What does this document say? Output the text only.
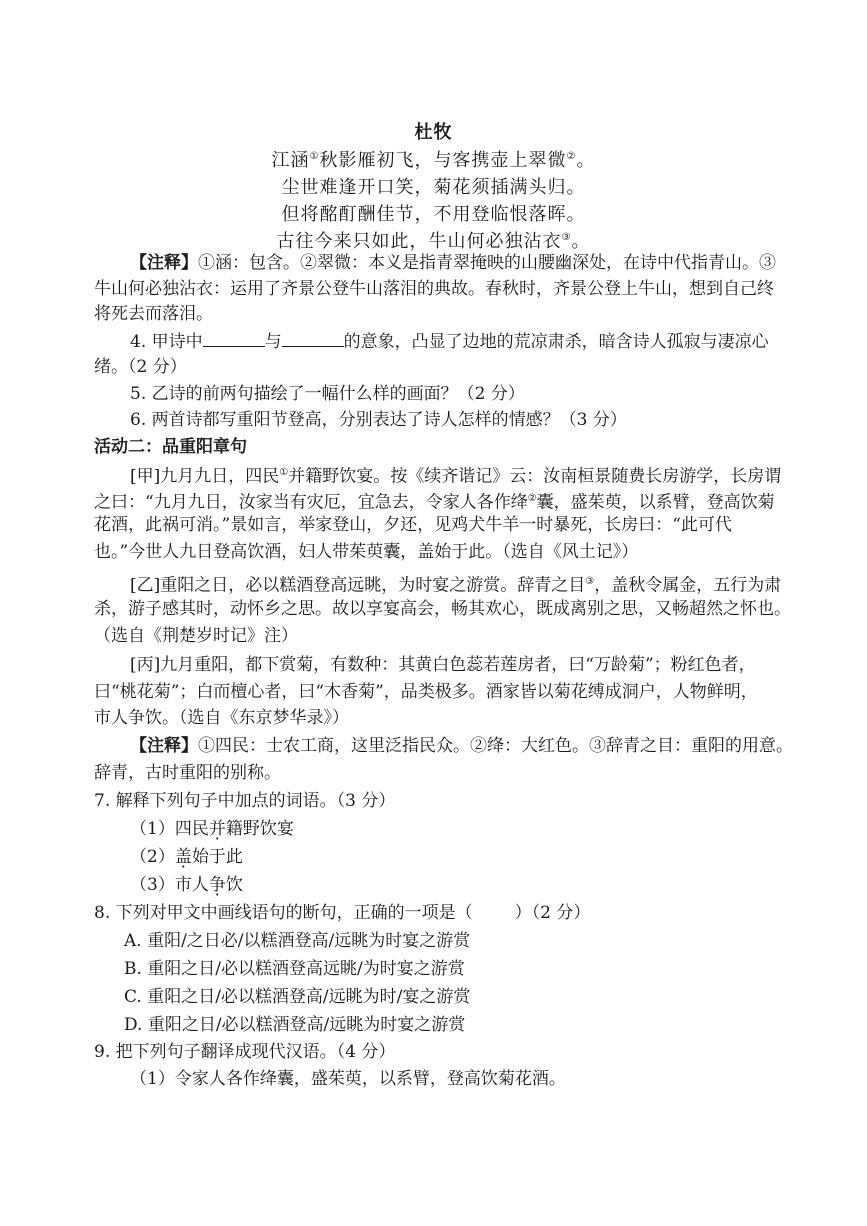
杜牧
江涵①秋影雁初飞，与客携壶上翠微②。
尘世难逢开口笑，菊花须插满头归。
但将酩酊酬佳节，不用登临恨落晖。
古往今来只如此，牛山何必独沾衣③。
【注释】①涵：包含。②翠微：本义是指青翠掩映的山腰幽深处，在诗中代指青山。③
牛山何必独沾衣：运用了齐景公登牛山落泪的典故。春秋时，齐景公登上牛山，想到自己终
将死去而落泪。
4. 甲诗中	与	的意象，凸显了边地的荒凉肃杀，暗含诗人孤寂与凄凉心
绪。（2 分）
5. 乙诗的前两句描绘了一幅什么样的画面？（2 分）
6. 两首诗都写重阳节登高，分别表达了诗人怎样的情感？（3 分）
活动二：品重阳章句
[甲]九月九日，四民①并籍野饮宴。按《续齐谐记》云：汝南桓景随费长房游学，长房谓
之曰：“九月九日，汝家当有灾厄，宜急去，令家人各作绛②囊，盛茱萸，以系臂，登高饮菊
花酒，此祸可消。”景如言，举家登山，夕还，见鸡犬牛羊一时暴死，长房曰：“此可代
也。”今世人九日登高饮酒，妇人带茱萸囊，盖始于此。（选自《风土记》）
[乙]重阳之日，必以糕酒登高远眺，为时宴之游赏。辞青之目③，盖秋令属金，五行为肃
杀，游子感其时，动怀乡之思。故以享宴高会，畅其欢心，既成离别之思，又畅超然之怀也。
（选自《荆楚岁时记》注）
[丙]九月重阳，都下赏菊，有数种：其黄白色蕊若莲房者，曰“万龄菊”；粉红色者，
曰“桃花菊”；白而檀心者，曰“木香菊”，品类极多。酒家皆以菊花缚成洞户，人物鲜明，
市人争饮。（选自《东京梦华录》）
【注释】①四民：士农工商，这里泛指民众。②绛：大红色。③辞青之目：重阳的用意。
辞青，古时重阳的别称。
7. 解释下列句子中加点的词语。（3 分）
（1）四民并籍野饮宴
（2）盖始于此
（3）市人争饮
8. 下列对甲文中画线语句的断句，正确的一项是（ ）（2 分）
A. 重阳/之日必/以糕酒登高/远眺为时宴之游赏
B. 重阳之日/必以糕酒登高远眺/为时宴之游赏
C. 重阳之日/必以糕酒登高/远眺为时/宴之游赏
D. 重阳之日/必以糕酒登高/远眺为时宴之游赏
9. 把下列句子翻译成现代汉语。（4 分）
（1）令家人各作绛囊，盛茱萸，以系臂，登高饮菊花酒。
